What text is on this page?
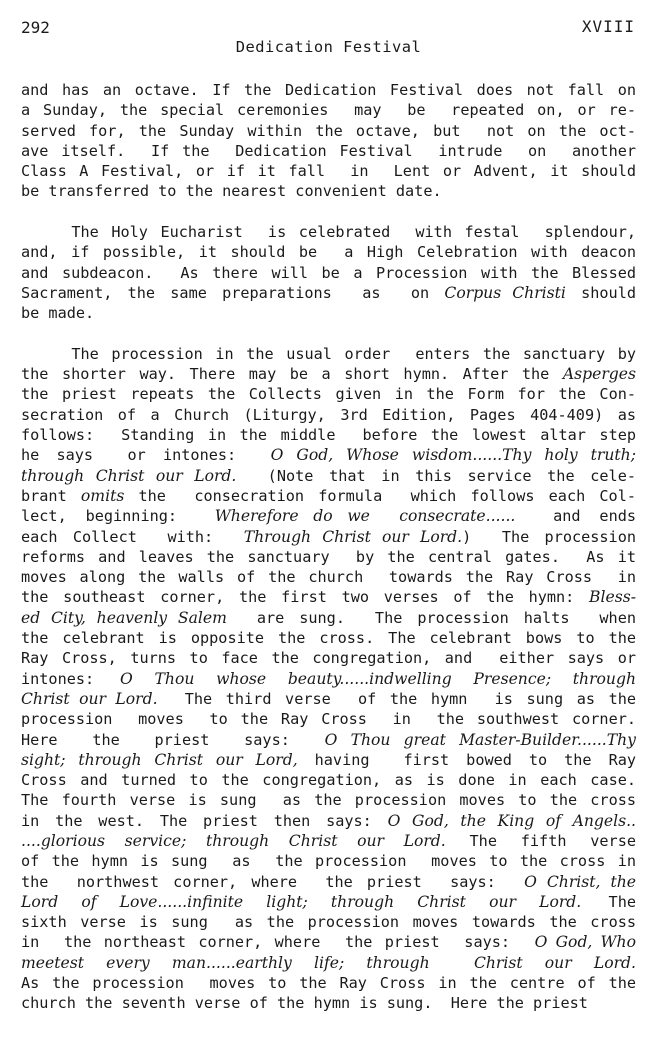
292	XVIII
Dedication Festival
and has an octave. If the Dedication Festival does not fall on
a Sunday, the special ceremonies  may  be  repeated on, or re-
served for, the Sunday within the octave, but  not on the oct-
ave itself.  If the  Dedication Festival  intrude  on  another
Class A Festival, or if it fall  in  Lent or Advent, it should
be transferred to the nearest convenient date.
The Holy Eucharist  is celebrated  with festal  splendour,
and, if possible, it should be  a High Celebration with deacon
and subdeacon.  As there will be a Procession with the Blessed
Sacrament, the same preparations  as  on Corpus Christi should
be made.
The procession in the usual order  enters the sanctuary by
the shorter way. There may be a short hymn. After the Asperges
the priest repeats the Collects given in the Form for the Con-
secration of a Church (Liturgy, 3rd Edition, Pages 404-409) as
follows:  Standing in the middle  before the lowest altar step
he says  or intones:  O God, Whose wisdom......Thy holy truth;
through Christ our Lord.  (Note that in this service the cele-
brant omits the  consecration formula  which follows each Col-
lect, beginning:  Wherefore do we  consecrate......  and ends
each Collect  with:  Through Christ our Lord.)  The procession
reforms and leaves the sanctuary  by the central gates.  As it
moves along the walls of the church  towards the Ray Cross  in
the southeast corner, the first two verses of the hymn: Bless-
ed City, heavenly Salem  are sung.  The procession halts  when
the celebrant is opposite the cross. The celebrant bows to the
Ray Cross, turns to face the congregation, and  either says or
intones: O Thou whose beauty......indwelling Presence; through
Christ our Lord.  The third verse  of the hymn  is sung as the
procession  moves  to the Ray Cross  in  the southwest corner.
Here  the  priest  says:  O Thou great Master-Builder......Thy
sight; through Christ our Lord, having  first bowed to the Ray
Cross and turned to the congregation, as is done in each case.
The fourth verse is sung  as the procession moves to the cross
in the west. The priest then says: O God, the King of Angels..
....glorious service; through Christ our Lord. The fifth verse
of the hymn is sung  as  the procession  moves to the cross in
the  northwest corner, where  the priest  says:  O Christ, the
Lord of Love......infinite light; through Christ our Lord. The
sixth verse is sung  as the procession moves towards the cross
in  the northeast corner, where  the priest  says:  O God, Who
meetest every man......earthly life; through  Christ our Lord.
As the procession  moves to the Ray Cross in the centre of the
church the seventh verse of the hymn is sung.  Here the priest
